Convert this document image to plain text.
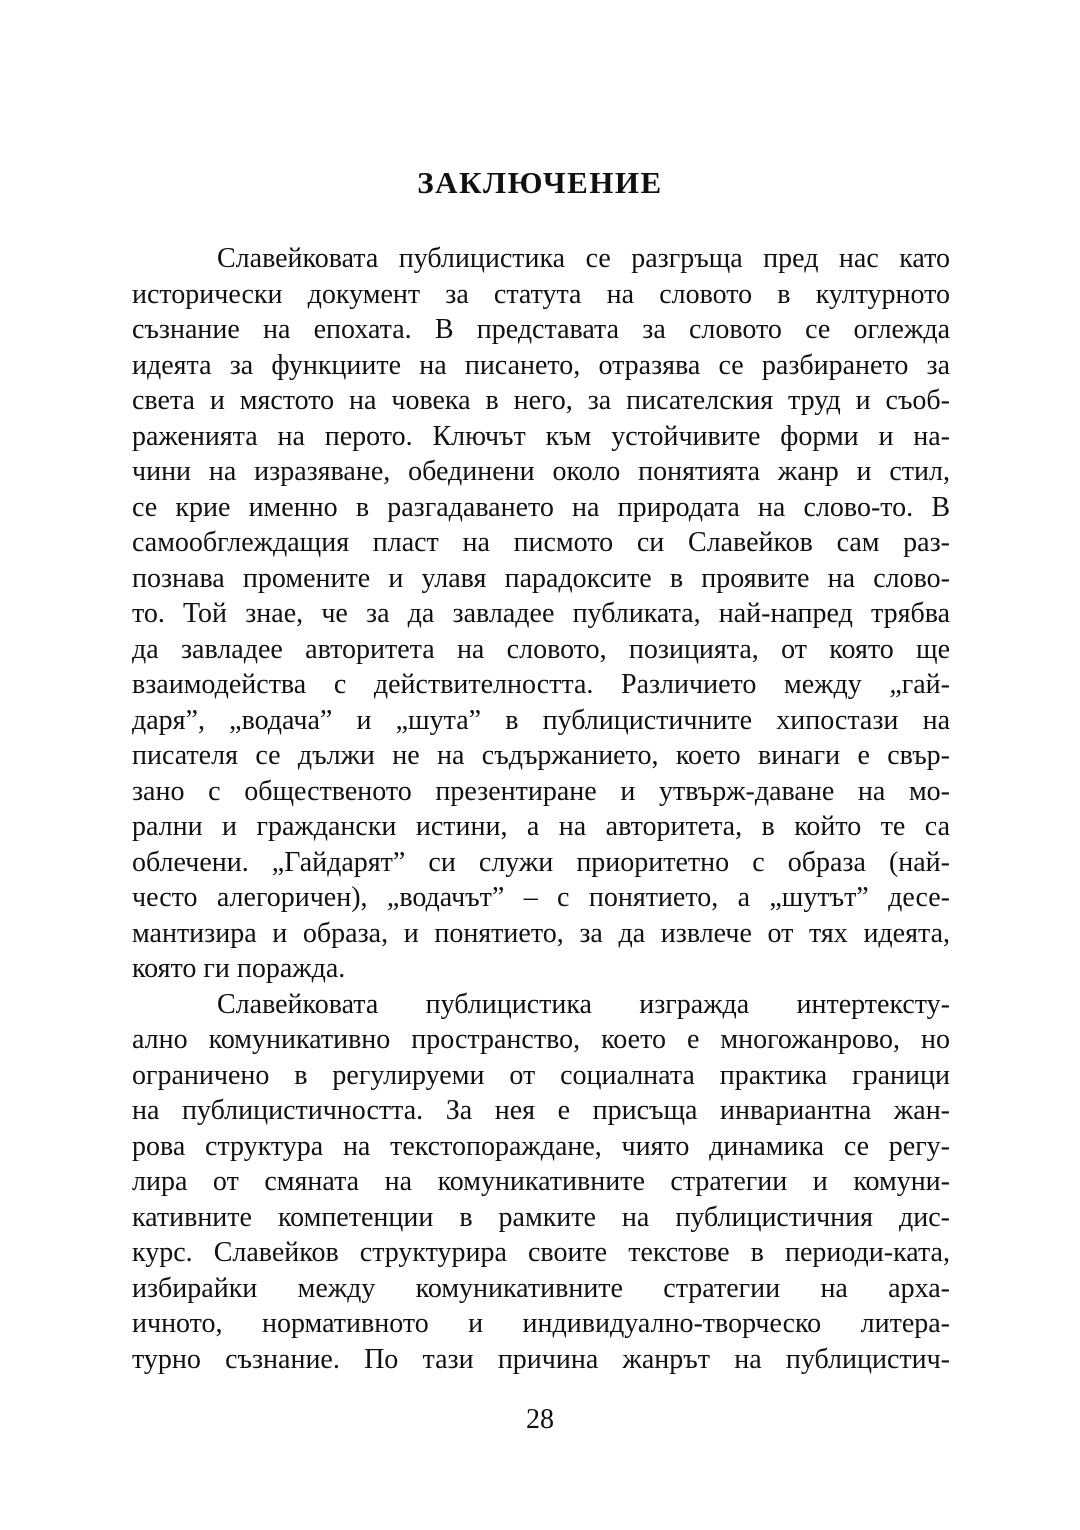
ЗАКЛЮЧЕНИЕ
Славейковата публицистика се разгръща пред нас като
исторически документ за статута на словото в културното
съзнание на епохата. В представата за словото се оглежда
идеята за функциите на писането, отразява се разбирането за
света и мястото на човека в него, за писателския труд и съоб-
раженията на перото. Ключът към устойчивите форми и на-
чини на изразяване, обединени около понятията жанр и стил,
се крие именно в разгадаването на природата на слово-то. В
самообглеждащия пласт на писмото си Славейков сам раз-
познава промените и улавя парадоксите в проявите на слово-
то. Той знае, че за да завладее публиката, най-напред трябва
да завладее авторитета на словото, позицията, от която ще
взаимодейства с действителността. Различието между „гай-
даря”, „водача” и „шута” в публицистичните хипостази на
писателя се дължи не на съдържанието, което винаги е свър-
зано с общественото презентиране и утвърж-даване на мо-
рални и граждански истини, а на авторитета, в който те са
облечени. „Гайдарят” си служи приоритетно с образа (най-
често алегоричен), „водачът” – с понятието, а „шутът” десе-
мантизира и образа, и понятието, за да извлече от тях идеята,
която ги поражда.
Славейковата публицистика изгражда интертексту-
ално комуникативно пространство, което е многожанрово, но
ограничено в регулируеми от социалната практика граници
на публицистичността. За нея е присъща инвариантна жан-
рова структура на текстопораждане, чиято динамика се регу-
лира от смяната на комуникативните стратегии и комуни-
кативните компетенции в рамките на публицистичния дис-
курс. Славейков структурира своите текстове в периоди-ката,
избирайки между комуникативните стратегии на арха-
ичното, нормативното и индивидуално-творческо литера-
турно съзнание. По тази причина жанрът на публицистич-
28
